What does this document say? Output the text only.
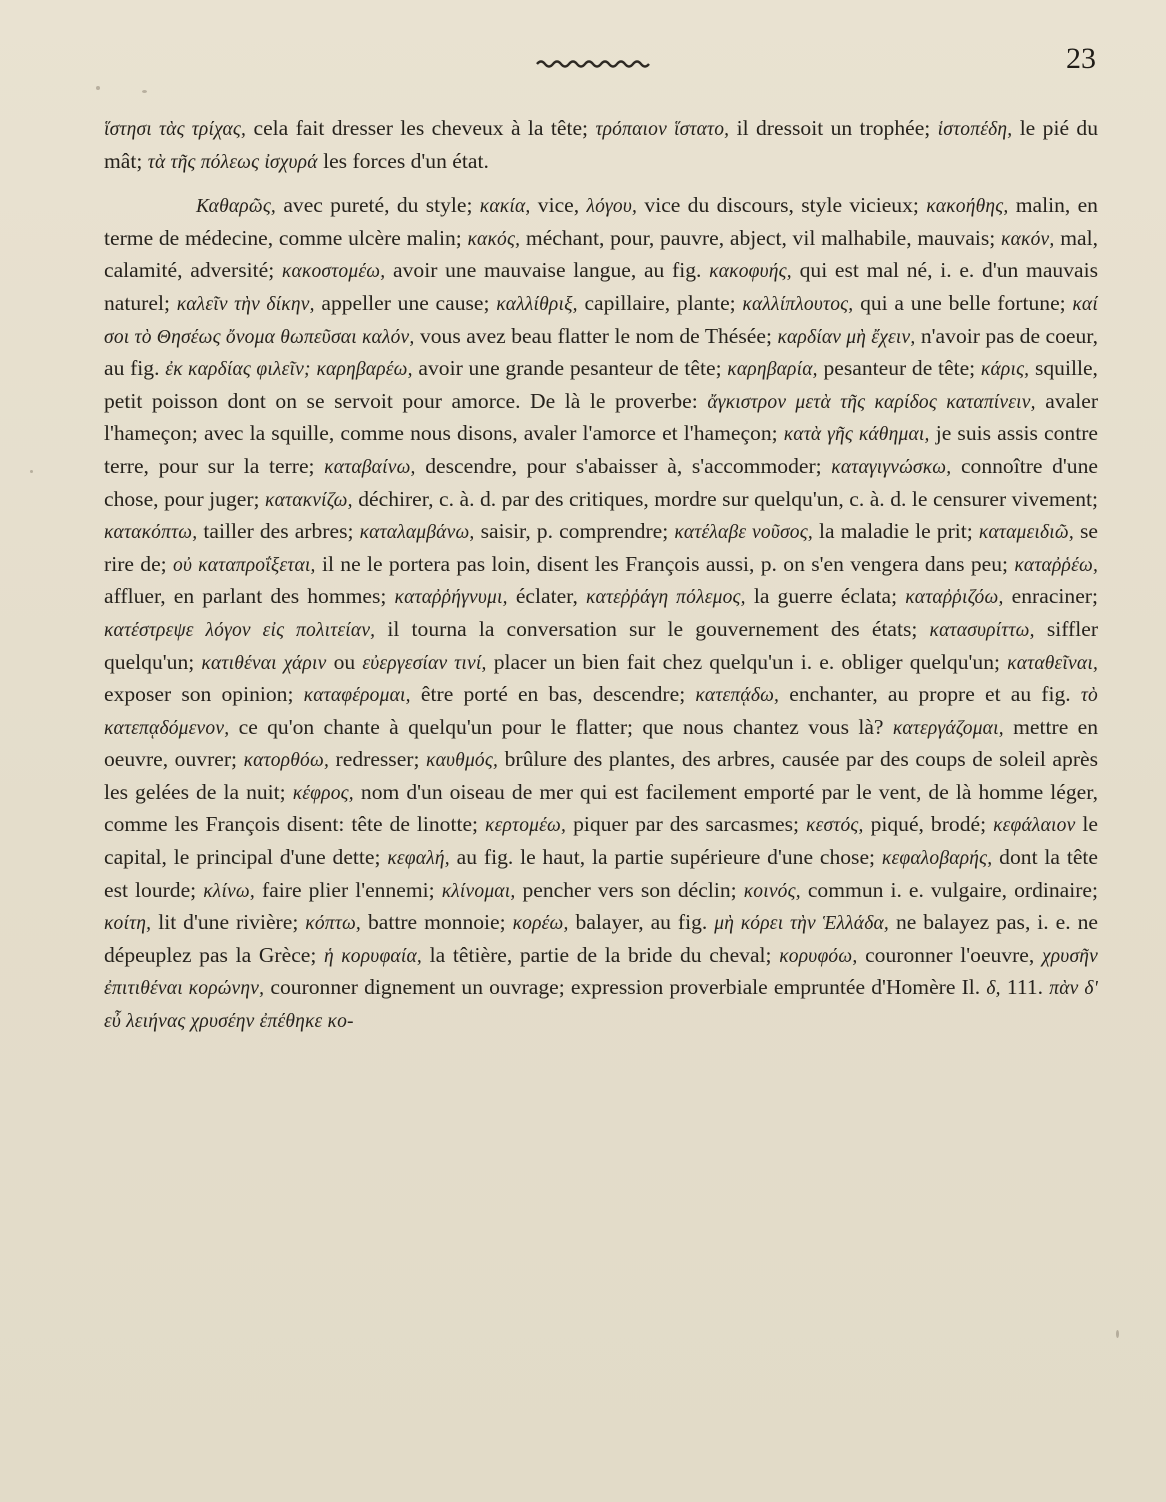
23

ἵστησι τὰς τρίχας, cela fait dresser les cheveux à la tête; τρόπαιον ἵστατο, il dressoit un trophée; ἱστοπέδη, le pié du mât; τὰ τῆς πόλεως ἰσχυρά les forces d'un état.

Καθαρῶς, avec pureté, du style; κακία, vice, λόγου, vice du discours, style vicieux; κακοήθης, malin, en terme de médecine, comme ulcère malin; κακός, méchant, pour, pauvre, abject, vil malhabile, mauvais; κακόν, mal, calamité, adversité; κακοστομέω, avoir une mauvaise langue, au fig. κακοφυής, qui est mal né, i. e. d'un mauvais naturel; καλεῖν τὴν δίκην, appeller une cause; καλλίθριξ, capillaire, plante; καλλίπλουτος, qui a une belle fortune; καί σοι τὸ Θησέως ὄνομα θωπεῦσαι καλόν, vous avez beau flatter le nom de Thésée; καρδίαν μὴ ἔχειν, n'avoir pas de coeur, au fig. ἐκ καρδίας φιλεῖν; καρηβαρέω, avoir une grande pesanteur de tête; καρηβαρία, pesanteur de tête; κάρις, squille, petit poisson dont on se servoit pour amorce. De là le proverbe: ἄγκιστρον μετὰ τῆς καρίδος καταπίνειν, avaler l'hameçon; avec la squille, comme nous disons, avaler l'amorce et l'hameçon; κατὰ γῆς κάθημαι, je suis assis contre terre, pour sur la terre; καταβαίνω, descendre, pour s'abaisser à, s'accommoder; καταγιγνώσκω, connoître d'une chose, pour juger; κατακνίζω, déchirer, c. à. d. par des critiques, mordre sur quelqu'un, c. à. d. le censurer vivement; κατακόπτω, tailler des arbres; καταλαμβάνω, saisir, p. comprendre; κατέλαβε νοῦσος, la maladie le prit; καταμειδιῶ, se rire de; οὐ καταπροΐξεται, il ne le portera pas loin, disent les François aussi, p. on s'en vengera dans peu; καταῤῥέω, affluer, en parlant des hommes; καταῤῥήγνυμι, éclater, κατεῤῥάγη πόλεμος, la guerre éclata; καταῤῥιζόω, enraciner; κατέστρεψε λόγον εἰς πολιτείαν, il tourna la conversation sur le gouvernement des états; κατασυρίττω, siffler quelqu'un; κατιθέναι χάριν ou εὐεργεσίαν τινί, placer un bien fait chez quelqu'un i. e. obliger quelqu'un; καταθεῖναι, exposer son opinion; καταφέρομαι, être porté en bas, descendre; κατεπᾴδω, enchanter, au propre et au fig. τὸ κατεπᾳδόμενον, ce qu'on chante à quelqu'un pour le flatter; que nous chantez vous là? κατεργάζομαι, mettre en oeuvre, ouvrer; κατορθόω, redresser; καυθμός, brûlure des plantes, des arbres, causée par des coups de soleil après les gelées de la nuit; κέφρος, nom d'un oiseau de mer qui est facilement emporté par le vent, de là homme léger, comme les François disent: tête de linotte; κερτομέω, piquer par des sarcasmes; κεστός, piqué, brodé; κεφάλαιον le capital, le principal d'une dette; κεφαλή, au fig. le haut, la partie supérieure d'une chose; κεφαλοβαρής, dont la tête est lourde; κλίνω, faire plier l'ennemi; κλίνομαι, pencher vers son déclin; κοινός, commun i. e. vulgaire, ordinaire; κοίτη, lit d'une rivière; κόπτω, battre monnoie; κορέω, balayer, au fig. μὴ κόρει τὴν Ἑλλάδα, ne balayez pas, i. e. ne dépeuplez pas la Grèce; ἡ κορυφαία, la têtière, partie de la bride du cheval; κορυφόω, couronner l'oeuvre, χρυσῆν ἐπιτιθέναι κορώνην, couronner dignement un ouvrage; expression proverbiale empruntée d'Homère Il. δ, 111. πὰν δ' εὖ λειήνας χρυσέην ἐπέθηκε κο-
